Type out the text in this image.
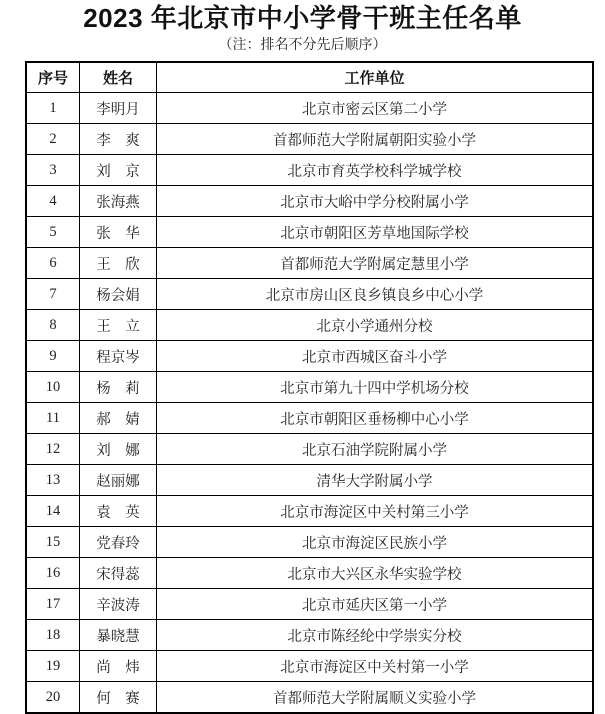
2023 年北京市中小学骨干班主任名单

（注：排名不分先后顺序）

序号	姓名	工作单位
1	李明月	北京市密云区第二小学
2	李　爽	首都师范大学附属朝阳实验小学
3	刘　京	北京市育英学校科学城学校
4	张海燕	北京市大峪中学分校附属小学
5	张　华	北京市朝阳区芳草地国际学校
6	王　欣	首都师范大学附属定慧里小学
7	杨会娟	北京市房山区良乡镇良乡中心小学
8	王　立	北京小学通州分校
9	程京岑	北京市西城区奋斗小学
10	杨　莉	北京市第九十四中学机场分校
11	郝　婧	北京市朝阳区垂杨柳中心小学
12	刘　娜	北京石油学院附属小学
13	赵丽娜	清华大学附属小学
14	袁　英	北京市海淀区中关村第三小学
15	党春玲	北京市海淀区民族小学
16	宋得蕊	北京市大兴区永华实验学校
17	辛波涛	北京市延庆区第一小学
18	暴晓慧	北京市陈经纶中学崇实分校
19	尚　炜	北京市海淀区中关村第一小学
20	何　赛	首都师范大学附属顺义实验小学
